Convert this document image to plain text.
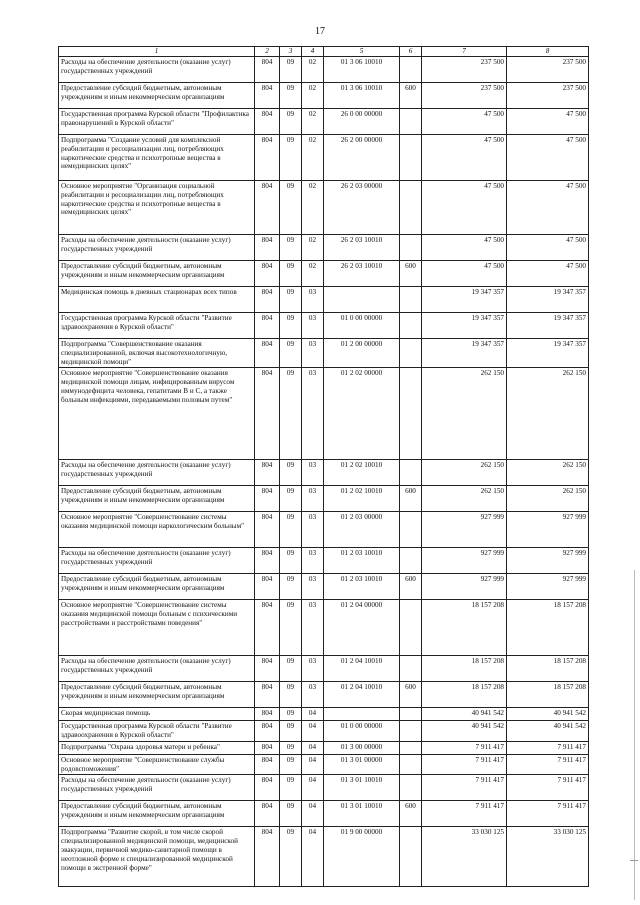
17
1	2	3	4	5	6	7	8
Расходы на обеспечение деятельности (оказание услуг) государственных учреждений	804	09	02	01 3 06 10010		237 500	237 500
Предоставление субсидий бюджетным, автономным учреждениям и иным некоммерческим организациям	804	09	02	01 3 06 10010	600	237 500	237 500
Государственная программа Курской области "Профилактика правонарушений в Курской области"	804	09	02	26 0 00 00000		47 500	47 500
Подпрограмма "Создание условий для комплексной реабилитации и ресоциализации лиц, потребляющих наркотические средства и психотропные вещества в немедицинских целях"	804	09	02	26 2 00 00000		47 500	47 500
Основное мероприятие "Организация социальной реабилитации и ресоциализации лиц, потребляющих наркотические средства и психотропные вещества в немедицинских целях"	804	09	02	26 2 03 00000		47 500	47 500
Расходы на обеспечение деятельности (оказание услуг) государственных учреждений	804	09	02	26 2 03 10010		47 500	47 500
Предоставление субсидий бюджетным, автономным учреждениям и иным некоммерческим организациям	804	09	02	26 2 03 10010	600	47 500	47 500
Медицинская помощь в дневных стационарах всех типов	804	09	03			19 347 357	19 347 357
Государственная программа Курской области "Развитие здравоохранения в Курской области"	804	09	03	01 0 00 00000		19 347 357	19 347 357
Подпрограмма "Совершенствование оказания специализированной, включая высокотехнологичную, медицинской помощи"	804	09	03	01 2 00 00000		19 347 357	19 347 357
Основное мероприятие "Совершенствование оказания медицинской помощи лицам, инфицированным вирусом иммунодефицита человека, гепатитами В и С, а также больным инфекциями, передаваемыми половым путем"	804	09	03	01 2 02 00000		262 150	262 150
Расходы на обеспечение деятельности (оказание услуг) государственных учреждений	804	09	03	01 2 02 10010		262 150	262 150
Предоставление субсидий бюджетным, автономным учреждениям и иным некоммерческим организациям	804	09	03	01 2 02 10010	600	262 150	262 150
Основное мероприятие "Совершенствование системы оказания медицинской помощи наркологическим больным"	804	09	03	01 2 03 00000		927 999	927 999
Расходы на обеспечение деятельности (оказание услуг) государственных учреждений	804	09	03	01 2 03 10010		927 999	927 999
Предоставление субсидий бюджетным, автономным учреждениям и иным некоммерческим организациям	804	09	03	01 2 03 10010	600	927 999	927 999
Основное мероприятие "Совершенствование системы оказания медицинской помощи больным с психическими расстройствами и расстройствами поведения"	804	09	03	01 2 04 00000		18 157 208	18 157 208
Расходы на обеспечение деятельности (оказание услуг) государственных учреждений	804	09	03	01 2 04 10010		18 157 208	18 157 208
Предоставление субсидий бюджетным, автономным учреждениям и иным некоммерческим организациям	804	09	03	01 2 04 10010	600	18 157 208	18 157 208
Скорая медицинская помощь	804	09	04			40 941 542	40 941 542
Государственная программа Курской области "Развитие здравоохранения в Курской области"	804	09	04	01 0 00 00000		40 941 542	40 941 542
Подпрограмма "Охрана здоровья матери и ребенка"	804	09	04	01 3 00 00000		7 911 417	7 911 417
Основное мероприятие "Совершенствование службы родовспоможения"	804	09	04	01 3 01 00000		7 911 417	7 911 417
Расходы на обеспечение деятельности (оказание услуг) государственных учреждений	804	09	04	01 3 01 10010		7 911 417	7 911 417
Предоставление субсидий бюджетным, автономным учреждениям и иным некоммерческим организациям	804	09	04	01 3 01 10010	600	7 911 417	7 911 417
Подпрограмма "Развитие скорой, в том числе скорой специализированной медицинской помощи, медицинской эвакуации, первичной медико-санитарной помощи в неотложной форме и специализированной медицинской помощи в экстренной форме"	804	09	04	01 9 00 00000		33 030 125	33 030 125
